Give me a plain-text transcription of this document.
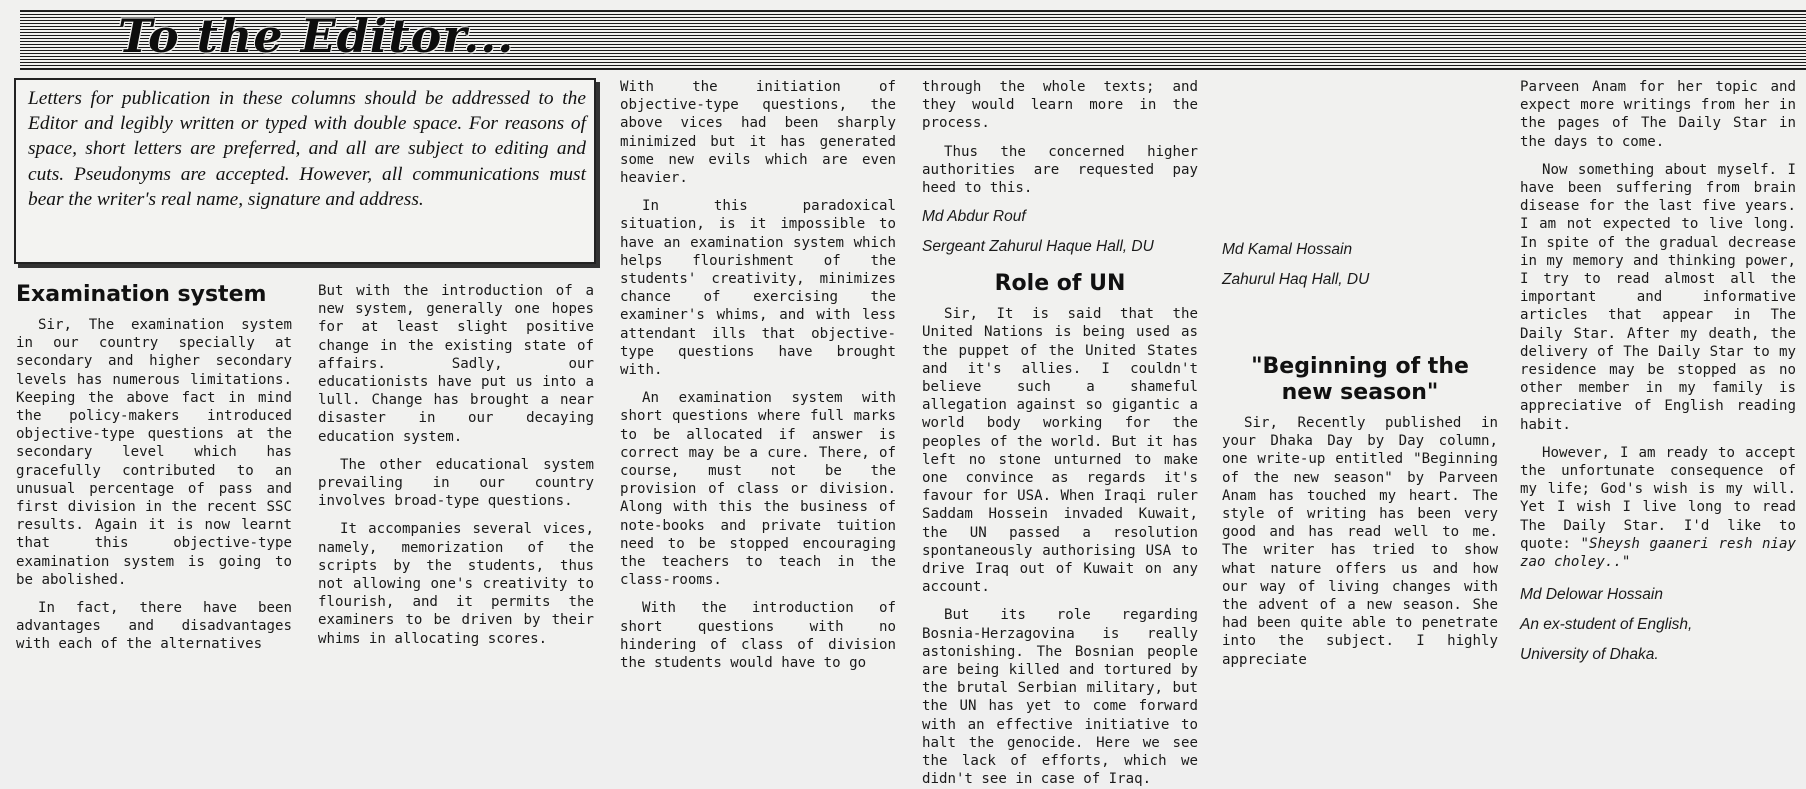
To the Editor...
Letters for publication in these columns should be addressed to the Editor and legibly written or typed with double space. For reasons of space, short letters are preferred, and all are subject to editing and cuts. Pseudonyms are accepted. However, all communications must bear the writer's real name, signature and address.
Examination system

Sir, The examination system in our country specially at secondary and higher secondary levels has numerous limitations. Keeping the above fact in mind the policy-makers introduced objective-type questions at the secondary level which has gracefully contributed to an unusual percentage of pass and first division in the recent SSC results. Again it is now learnt that this objective-type examination system is going to be abolished.

In fact, there have been advantages and disadvantages with each of the alternatives

But with the introduction of a new system, generally one hopes for at least slight positive change in the existing state of affairs. Sadly, our educationists have put us into a lull. Change has brought a near disaster in our decaying education system.

The other educational system prevailing in our country involves broad-type questions.

It accompanies several vices, namely, memorization of the scripts by the students, thus not allowing one's creativity to flourish, and it permits the examiners to be driven by their whims in allocating scores.

With the initiation of objective-type questions, the above vices had been sharply minimized but it has generated some new evils which are even heavier.

In this paradoxical situation, is it impossible to have an examination system which helps flourishment of the students' creativity, minimizes chance of exercising the examiner's whims, and with less attendant ills that objective-type questions have brought with.

An examination system with short questions where full marks to be allocated if answer is correct may be a cure. There, of course, must not be the provision of class or division. Along with this the business of note-books and private tuition need to be stopped encouraging the teachers to teach in the class-rooms.

With the introduction of short questions with no hindering of class of division the students would have to go

through the whole texts; and they would learn more in the process.

Thus the concerned higher authorities are requested pay heed to this.

Md Abdur Rouf

Sergeant Zahurul Haque Hall, DU

Role of UN

Sir, It is said that the United Nations is being used as the puppet of the United States and it's allies. I couldn't believe such a shameful allegation against so gigantic a world body working for the peoples of the world. But it has left no stone unturned to make one convince as regards it's favour for USA. When Iraqi ruler Saddam Hossein invaded Kuwait, the UN passed a resolution spontaneously authorising USA to drive Iraq out of Kuwait on any account.

But its role regarding Bosnia-Herzagovina is really astonishing. The Bosnian people are being killed and tortured by the brutal Serbian military, but the UN has yet to come forward with an effective initiative to halt the genocide. Here we see the lack of efforts, which we didn't see in case of Iraq.

Md Kamal Hossain

Zahurul Haq Hall, DU

"Beginning of the new season"

Sir, Recently published in your Dhaka Day by Day column, one write-up entitled "Beginning of the new season" by Parveen Anam has touched my heart. The style of writing has been very good and has read well to me. The writer has tried to show what nature offers us and how our way of living changes with the advent of a new season. She had been quite able to penetrate into the subject. I highly appreciate

Parveen Anam for her topic and expect more writings from her in the pages of The Daily Star in the days to come.

Now something about myself. I have been suffering from brain disease for the last five years. I am not expected to live long. In spite of the gradual decrease in my memory and thinking power, I try to read almost all the important and informative articles that appear in The Daily Star. After my death, the delivery of The Daily Star to my residence may be stopped as no other member in my family is appreciative of English reading habit.

However, I am ready to accept the unfortunate consequence of my life; God's wish is my will. Yet I wish I live long to read The Daily Star. I'd like to quote: "Sheysh gaaneri resh niay zao choley.."

Md Delowar Hossain

An ex-student of English,

University of Dhaka.
